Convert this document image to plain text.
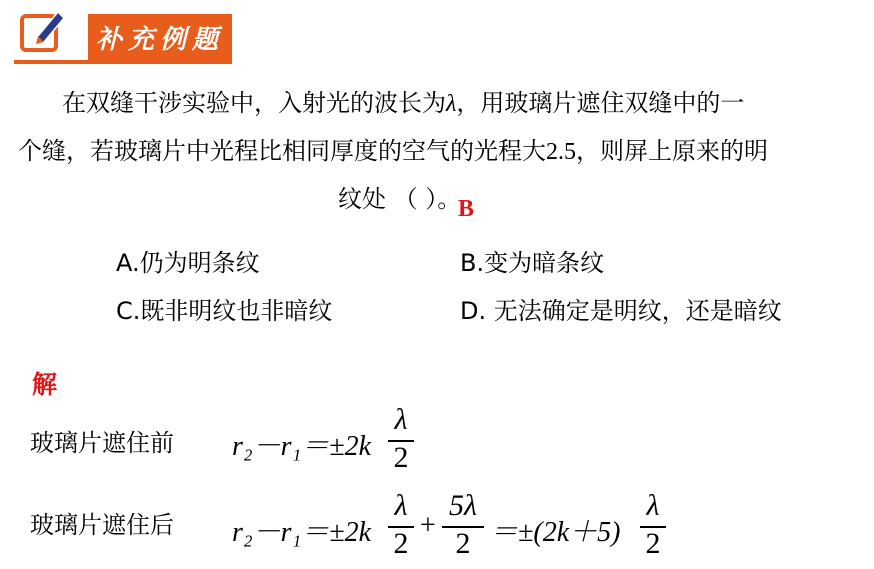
补充例题
在双缝干涉实验中，入射光的波长为λ，用玻璃片遮住双缝中的一
个缝，若玻璃片中光程比相同厚度的空气的光程大2.5，则屏上原来的明
纹处 （ ）。
B
A.仍为明条纹	B.变为暗条纹
C.既非明纹也非暗纹	D. 无法确定是明纹，还是暗纹
解
玻璃片遮住前 r₂－r₁＝±2k
λ
2
玻璃片遮住后 r₂－r₁＝±2k
λ
2
+
5λ
2 ＝±(2k＋5)
λ
2
